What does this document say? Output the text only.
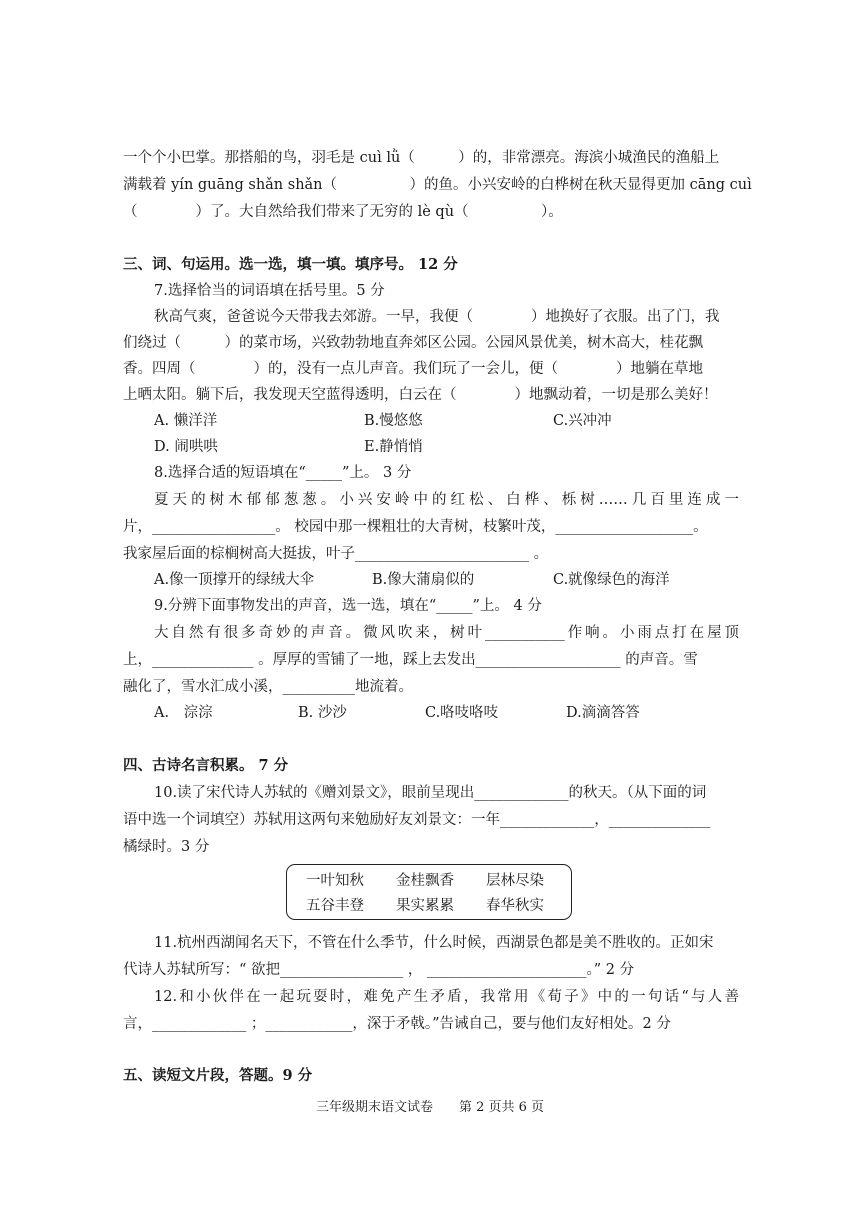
一个个小巴掌。那搭船的鸟，羽毛是 cuì lǜ（　　　）的，非常漂亮。海滨小城渔民的渔船上
满载着 yín guāng shǎn shǎn（　　　　　）的鱼。小兴安岭的白桦树在秋天显得更加 cāng cuì
（　　　　）了。大自然给我们带来了无穷的 lè qù（　　　　　）。
三、词、句运用。选一选，填一填。填序号。 12 分
7.选择恰当的词语填在括号里。5 分
秋高气爽，爸爸说今天带我去郊游。一早，我便（　　　　）地换好了衣服。出了门，我
们绕过（　　　）的菜市场，兴致勃勃地直奔郊区公园。公园风景优美，树木高大，桂花飘
香。四周（　　　　）的，没有一点儿声音。我们玩了一会儿，便（　　　　）地躺在草地
上晒太阳。躺下后，我发现天空蓝得透明，白云在（　　　　）地飘动着，一切是那么美好！
A. 懒洋洋	B.慢悠悠	C.兴冲冲
D. 闹哄哄	E.静悄悄
8.选择合适的短语填在“_____”上。 3 分
夏天的树木郁郁葱葱。小兴安岭中的红松、白桦、栎树……几百里连成一
片，_________________。 校园中那一棵粗壮的大青树，枝繁叶茂，___________________。
我家屋后面的棕榈树高大挺拔，叶子________________________ 。
A.像一顶撑开的绿绒大伞	B.像大蒲扇似的	C.就像绿色的海洋
9.分辨下面事物发出的声音，选一选，填在“_____”上。 4 分
大自然有很多奇妙的声音。微风吹来，树叶___________作响。小雨点打在屋顶
上，______________ 。厚厚的雪铺了一地，踩上去发出____________________ 的声音。雪
融化了，雪水汇成小溪，__________地流着。
A.　淙淙	B. 沙沙	C.咯吱咯吱	D.滴滴答答
四、古诗名言积累。 7 分
10.读了宋代诗人苏轼的《赠刘景文》，眼前呈现出_____________的秋天。（从下面的词
语中选一个词填空）苏轼用这两句来勉励好友刘景文：一年_____________，______________
橘绿时。3 分
一叶知秋 金桂飘香 层林尽染
五谷丰登 果实累累 春华秋实
11.杭州西湖闻名天下，不管在什么季节，什么时候，西湖景色都是美不胜收的。正如宋
代诗人苏轼所写：“ 欲把_________________ ， ______________________。” 2 分
12.和小伙伴在一起玩耍时，难免产生矛盾，我常用《荀子》中的一句话“与人善
言，_____________ ；____________，深于矛戟。”告诫自己，要与他们友好相处。2 分
五、读短文片段，答题。9 分
三年级期末语文试卷　　第 2 页共 6 页
